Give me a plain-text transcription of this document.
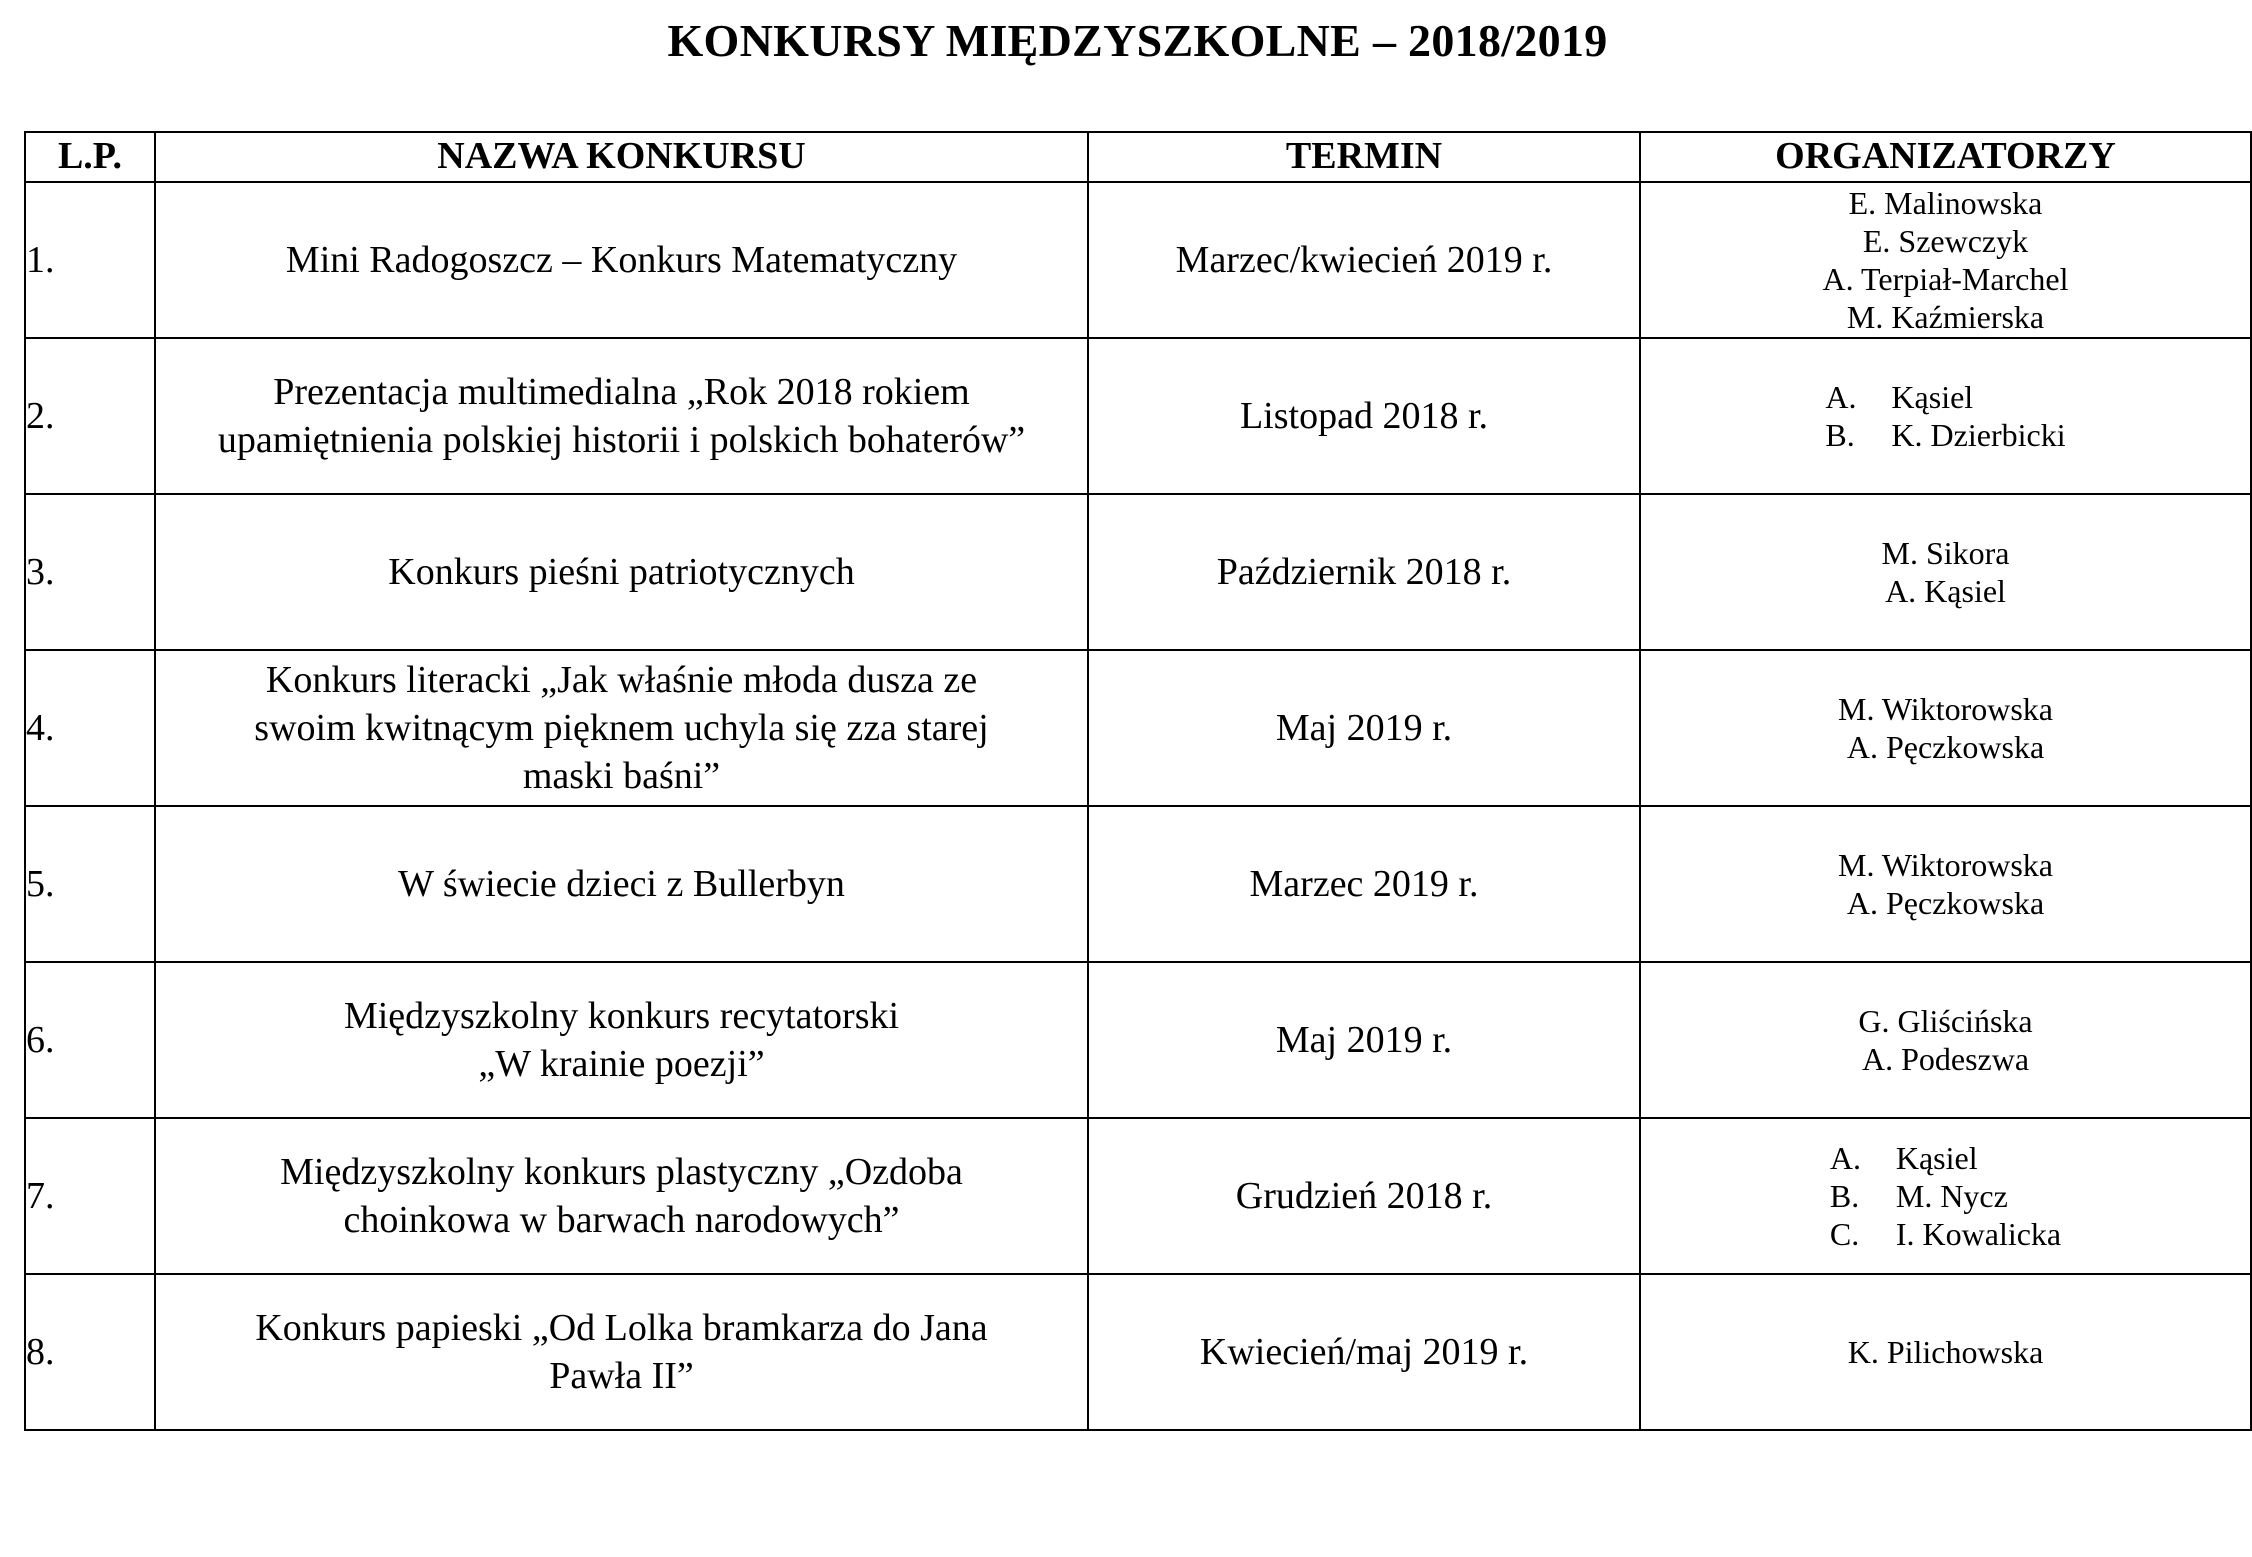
KONKURSY MIĘDZYSZKOLNE – 2018/2019
L.P.	NAZWA KONKURSU	TERMIN	ORGANIZATORZY
1.	Mini Radogoszcz – Konkurs Matematyczny	Marzec/kwiecień 2019 r.	E. Malinowska
E. Szewczyk
A. Terpiał-Marchel
M. Kaźmierska

2.	Prezentacja multimedialna „Rok 2018 rokiem
upamiętnienia polskiej historii i polskich bohaterów”	Listopad 2018 r.	A. Kąsiel
B. K. Dzierbicki

3.	Konkurs pieśni patriotycznych	Październik 2018 r.	M. Sikora
A. Kąsiel

4.	Konkurs literacki „Jak właśnie młoda dusza ze
swoim kwitnącym pięknem uchyla się zza starej
maski baśni”	Maj 2019 r.	M. Wiktorowska
A. Pęczkowska

5.	W świecie dzieci z Bullerbyn	Marzec 2019 r.	M. Wiktorowska
A. Pęczkowska

6.	Międzyszkolny konkurs recytatorski
„W krainie poezji”	Maj 2019 r.	G. Gliścińska
A. Podeszwa

7.	Międzyszkolny konkurs plastyczny „Ozdoba
choinkowa w barwach narodowych”	Grudzień 2018 r.	A. Kąsiel
B. M. Nycz
C. I. Kowalicka

8.	Konkurs papieski „Od Lolka bramkarza do Jana
Pawła II”	Kwiecień/maj 2019 r.	K. Pilichowska
